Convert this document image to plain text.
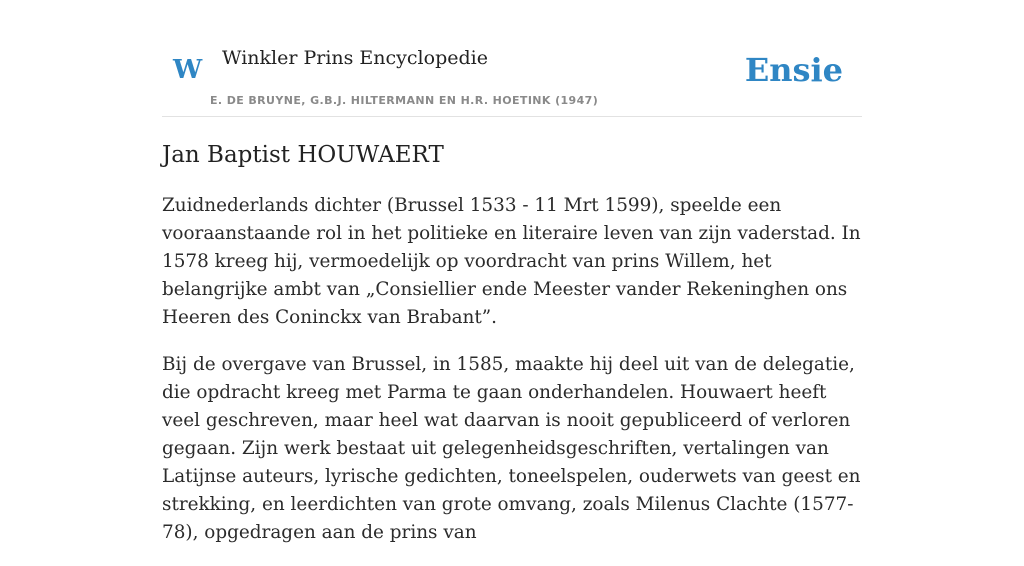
W Winkler Prins Encyclopedie
E. DE BRUYNE, G.B.J. HILTERMANN EN H.R. HOETINK (1947)
Ensie
Jan Baptist HOUWAERT

Zuidnederlands dichter (Brussel 1533 - 11 Mrt 1599), speelde een vooraanstaande rol in het politieke en literaire leven van zijn vaderstad. In 1578 kreeg hij, vermoedelijk op voordracht van prins Willem, het belangrijke ambt van „Consiellier ende Meester vander Rekeninghen ons Heeren des Coninckx van Brabant”.

Bij de overgave van Brussel, in 1585, maakte hij deel uit van de delegatie, die opdracht kreeg met Parma te gaan onderhandelen. Houwaert heeft veel geschreven, maar heel wat daarvan is nooit gepubliceerd of verloren gegaan. Zijn werk bestaat uit gelegenheidsgeschriften, vertalingen van Latijnse auteurs, lyrische gedichten, toneelspelen, ouderwets van geest en strekking, en leerdichten van grote omvang, zoals Milenus Clachte (1577-78), opgedragen aan de prins van
